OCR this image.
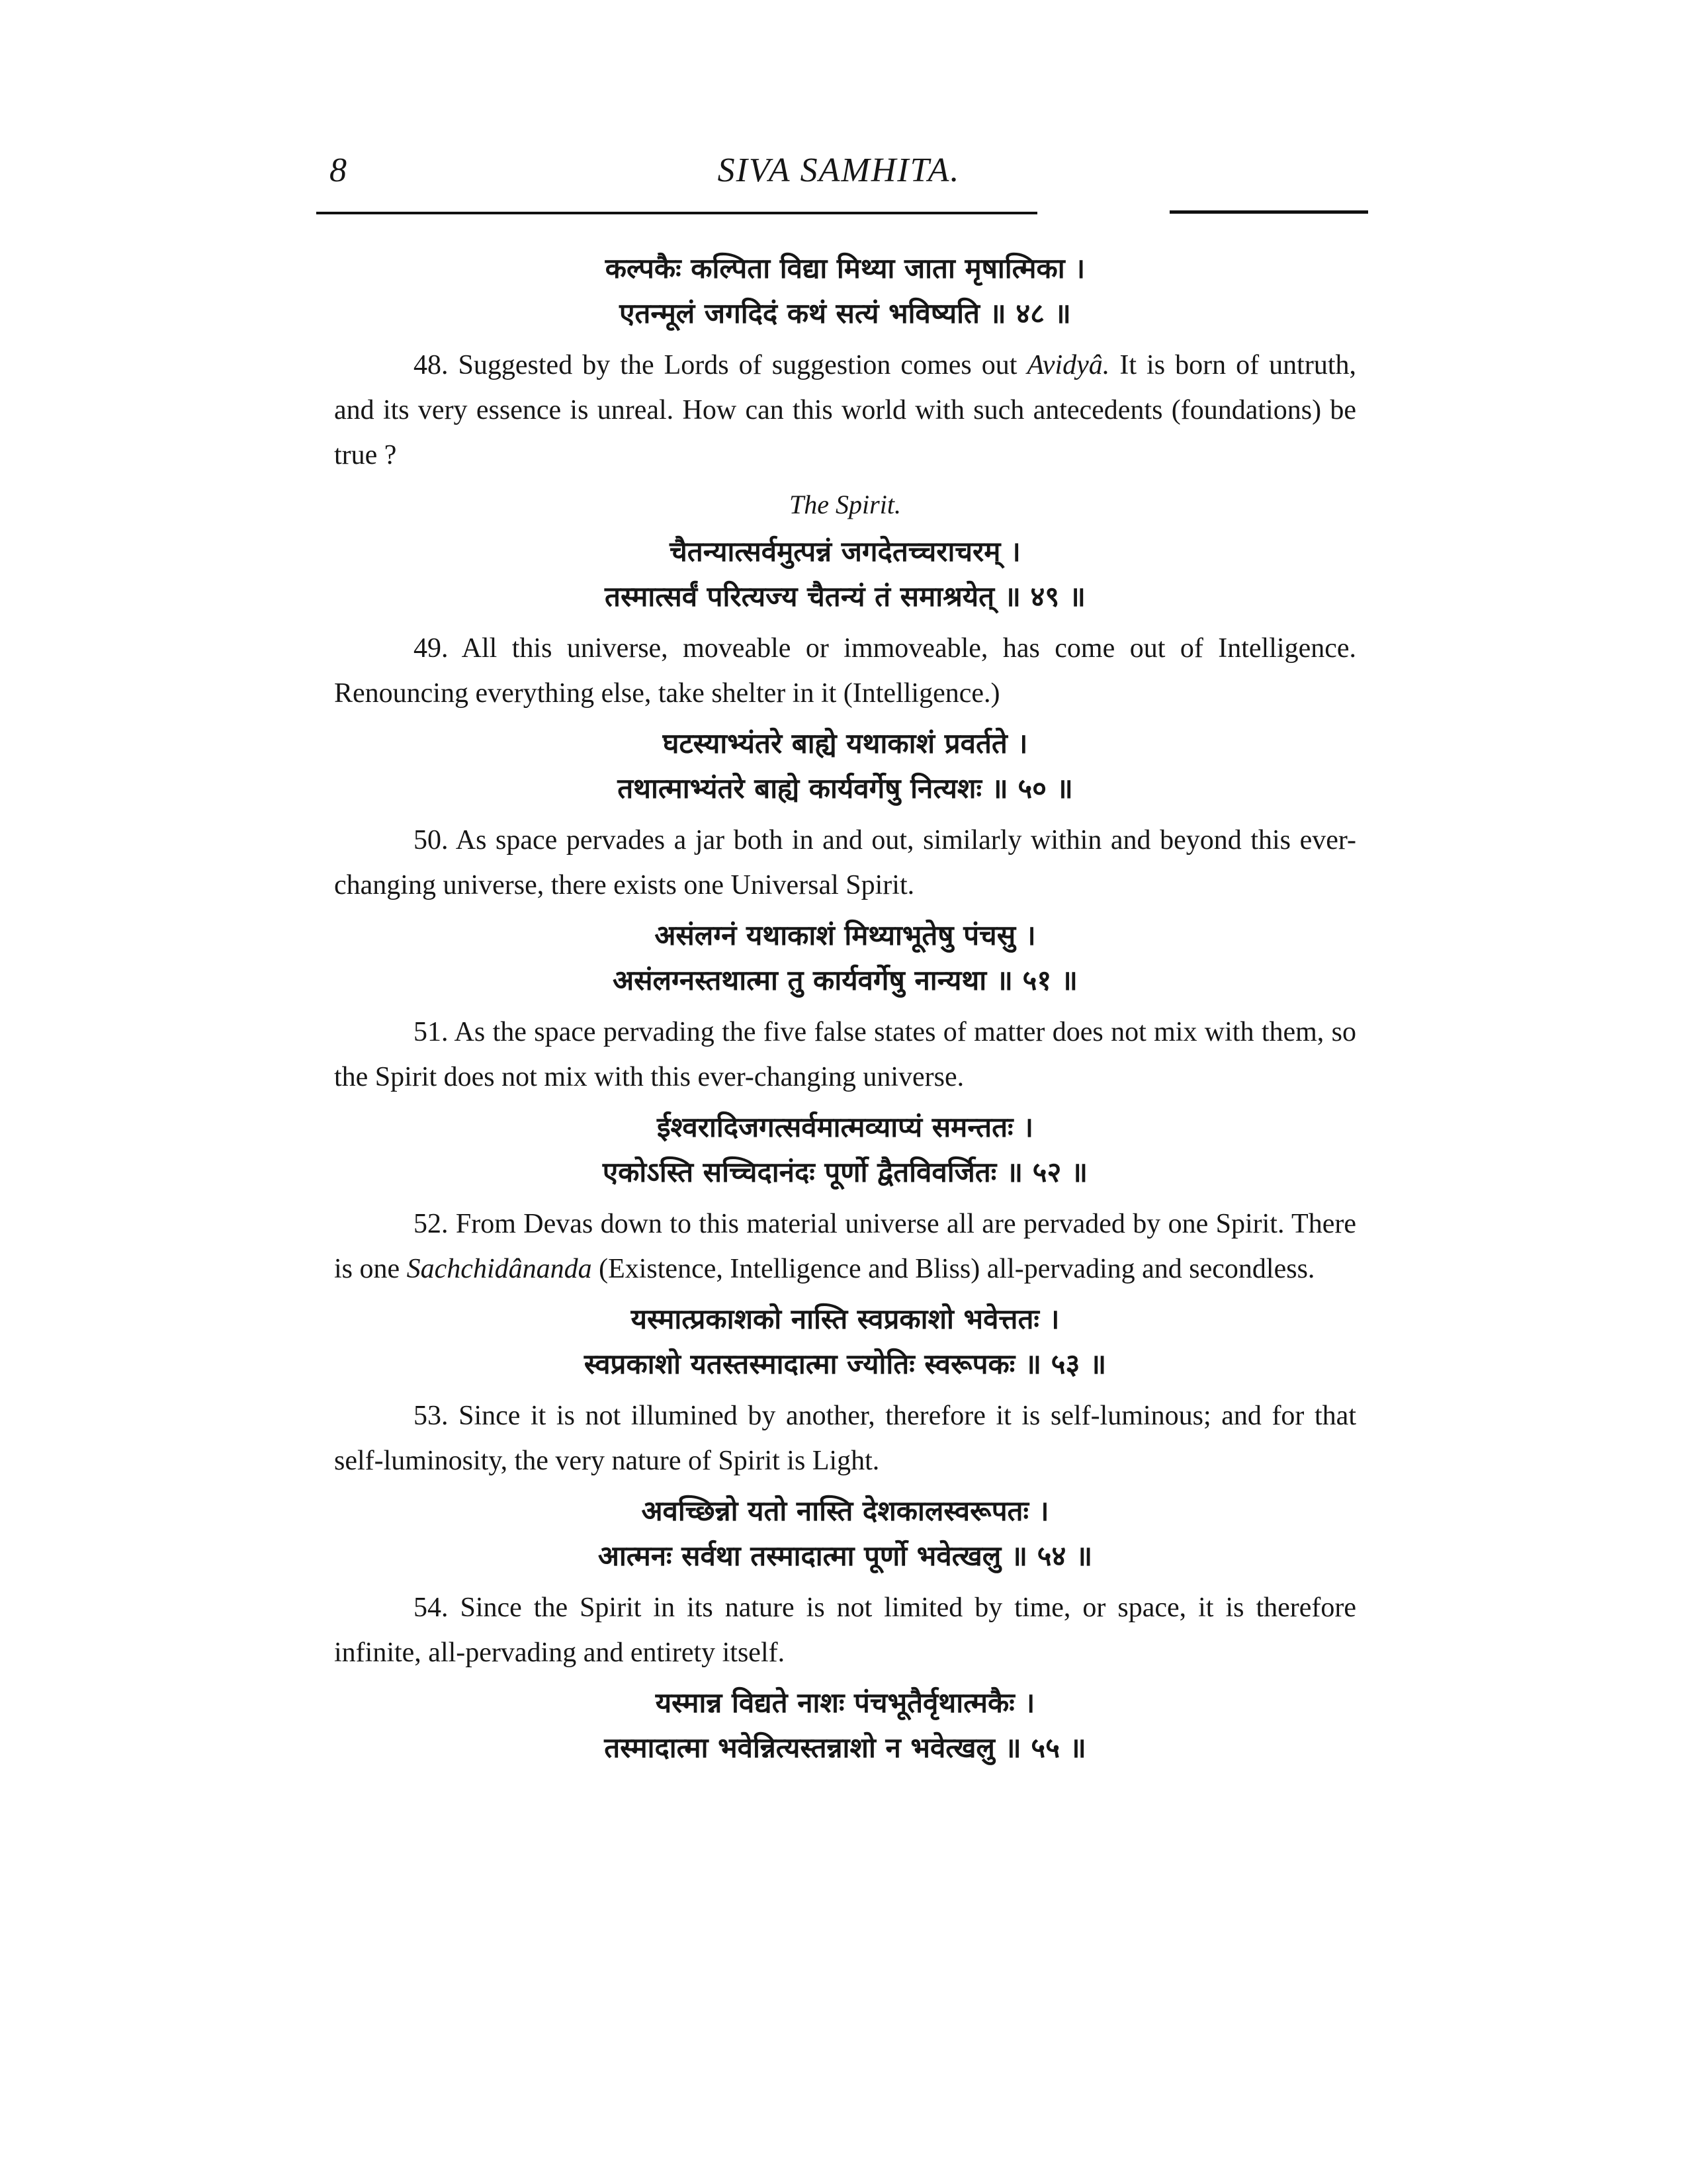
8	SIVA SAMHITA.
कल्पकैः कल्पिता विद्या मिथ्या जाता मृषात्मिका ।
एतन्मूलं जगदिदं कथं सत्यं भविष्यति ॥ ४८ ॥

48. Suggested by the Lords of suggestion comes out Avidyâ. It is born of untruth, and its very essence is unreal. How can this world with such antecedents (foundations) be true ?

The Spirit.
चैतन्यात्सर्वमुत्पन्नं जगदेतच्चराचरम् ।
तस्मात्सर्वं परित्यज्य चैतन्यं तं समाश्रयेत् ॥ ४९ ॥

49. All this universe, moveable or immoveable, has come out of Intelligence. Renouncing everything else, take shelter in it (Intelligence.)

घटस्याभ्यंतरे बाह्ये यथाकाशं प्रवर्तते ।
तथात्माभ्यंतरे बाह्ये कार्यवर्गेषु नित्यशः ॥ ५० ॥

50. As space pervades a jar both in and out, similarly within and beyond this ever-changing universe, there exists one Universal Spirit.

असंलग्नं यथाकाशं मिथ्याभूतेषु पंचसु ।
असंलग्नस्तथात्मा तु कार्यवर्गेषु नान्यथा ॥ ५१ ॥

51. As the space pervading the five false states of matter does not mix with them, so the Spirit does not mix with this ever-changing universe.

ईश्वरादिजगत्सर्वमात्मव्याप्यं समन्ततः ।
एकोऽस्ति सच्चिदानंदः पूर्णो द्वैतविवर्जितः ॥ ५२ ॥

52. From Devas down to this material universe all are pervaded by one Spirit. There is one Sachchidânanda (Existence, Intelligence and Bliss) all-pervading and secondless.

यस्मात्प्रकाशको नास्ति स्वप्रकाशो भवेत्ततः ।
स्वप्रकाशो यतस्तस्मादात्मा ज्योतिः स्वरूपकः ॥ ५३ ॥

53. Since it is not illumined by another, therefore it is self-luminous; and for that self-luminosity, the very nature of Spirit is Light.

अवच्छिन्नो यतो नास्ति देशकालस्वरूपतः ।
आत्मनः सर्वथा तस्मादात्मा पूर्णो भवेत्खलु ॥ ५४ ॥

54. Since the Spirit in its nature is not limited by time, or space, it is therefore infinite, all-pervading and entirety itself.

यस्मान्न विद्यते नाशः पंचभूतैर्वृथात्मकैः ।
तस्मादात्मा भवेन्नित्यस्तन्नाशो न भवेत्खलु ॥ ५५ ॥
